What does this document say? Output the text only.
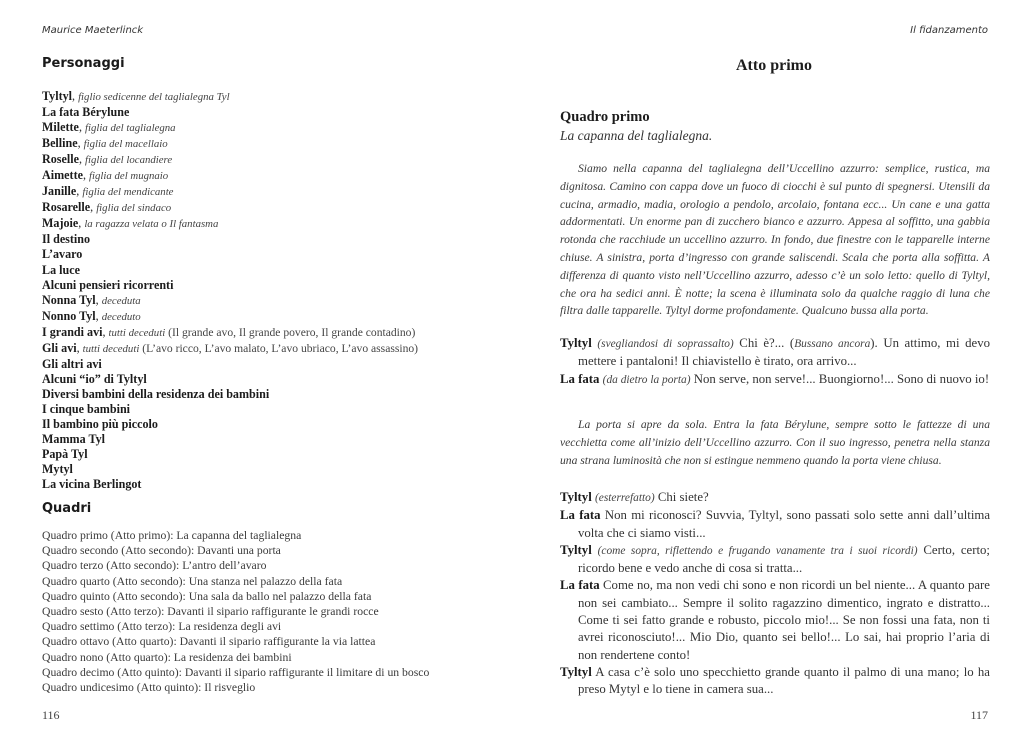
Maurice Maeterlinck
Personaggi
Tyltyl, figlio sedicenne del taglialegna Tyl
La fata Bérylune
Milette, figlia del taglialegna
Belline, figlia del macellaio
Roselle, figlia del locandiere
Aimette, figlia del mugnaio
Janille, figlia del mendicante
Rosarelle, figlia del sindaco
Majoie, la ragazza velata o Il fantasma
Il destino
L’avaro
La luce
Alcuni pensieri ricorrenti
Nonna Tyl, deceduta
Nonno Tyl, deceduto
I grandi avi, tutti deceduti (Il grande avo, Il grande povero, Il grande contadino)
Gli avi, tutti deceduti (L’avo ricco, L’avo malato, L’avo ubriaco, L’avo assassino)
Gli altri avi
Alcuni “io” di Tyltyl
Diversi bambini della residenza dei bambini
I cinque bambini
Il bambino più piccolo
Mamma Tyl
Papà Tyl
Mytyl
La vicina Berlingot
Quadri
Quadro primo (Atto primo): La capanna del taglialegna
Quadro secondo (Atto secondo): Davanti una porta
Quadro terzo (Atto secondo): L’antro dell’avaro
Quadro quarto (Atto secondo): Una stanza nel palazzo della fata
Quadro quinto (Atto secondo): Una sala da ballo nel palazzo della fata
Quadro sesto (Atto terzo): Davanti il sipario raffigurante le grandi rocce
Quadro settimo (Atto terzo): La residenza degli avi
Quadro ottavo (Atto quarto): Davanti il sipario raffigurante la via lattea
Quadro nono (Atto quarto): La residenza dei bambini
Quadro decimo (Atto quinto): Davanti il sipario raffigurante il limitare di un bosco
Quadro undicesimo (Atto quinto): Il risveglio
116
Il fidanzamento
Atto primo
Quadro primo
La capanna del taglialegna.

Siamo nella capanna del taglialegna dell’Uccellino azzurro: semplice, rustica, ma dignitosa. Camino con cappa dove un fuoco di ciocchi è sul punto di spegnersi. Utensili da cucina, armadio, madia, orologio a pendolo, arcolaio, fontana ecc... Un cane e una gatta addormentati. Un enorme pan di zucchero bianco e azzurro. Appesa al soffitto, una gabbia rotonda che racchiude un uccellino azzurro. In fondo, due finestre con le tapparelle interne chiuse. A sinistra, porta d’ingresso con grande saliscendi. Scala che porta alla soffitta. A differenza di quanto visto nell’Uccellino azzurro, adesso c’è un solo letto: quello di Tyltyl, che ora ha sedici anni. È notte; la scena è illuminata solo da qualche raggio di luna che filtra dalle tapparelle. Tyltyl dorme profondamente. Qualcuno bussa alla porta.

Tyltyl (svegliandosi di soprassalto) Chi è?... (Bussano ancora). Un attimo, mi devo mettere i pantaloni! Il chiavistello è tirato, ora arrivo...

La fata (da dietro la porta) Non serve, non serve!... Buongiorno!... Sono di nuovo io!

La porta si apre da sola. Entra la fata Bérylune, sempre sotto le fattezze di una vecchietta come all’inizio dell’Uccellino azzurro. Con il suo ingresso, penetra nella stanza una strana luminosità che non si estingue nemmeno quando la porta viene chiusa.

Tyltyl (esterrefatto) Chi siete?

La fata Non mi riconosci? Suvvia, Tyltyl, sono passati solo sette anni dall’ultima volta che ci siamo visti...

Tyltyl (come sopra, riflettendo e frugando vanamente tra i suoi ricordi) Certo, certo; ricordo bene e vedo anche di cosa si tratta...

La fata Come no, ma non vedi chi sono e non ricordi un bel niente... A quanto pare non sei cambiato... Sempre il solito ragazzino dimentico, ingrato e distratto... Come ti sei fatto grande e robusto, piccolo mio!... Se non fossi una fata, non ti avrei riconosciuto!... Mio Dio, quanto sei bello!... Lo sai, hai proprio l’aria di non rendertene conto!

Tyltyl A casa c’è solo uno specchietto grande quanto il palmo di una mano; lo ha preso Mytyl e lo tiene in camera sua...

117
